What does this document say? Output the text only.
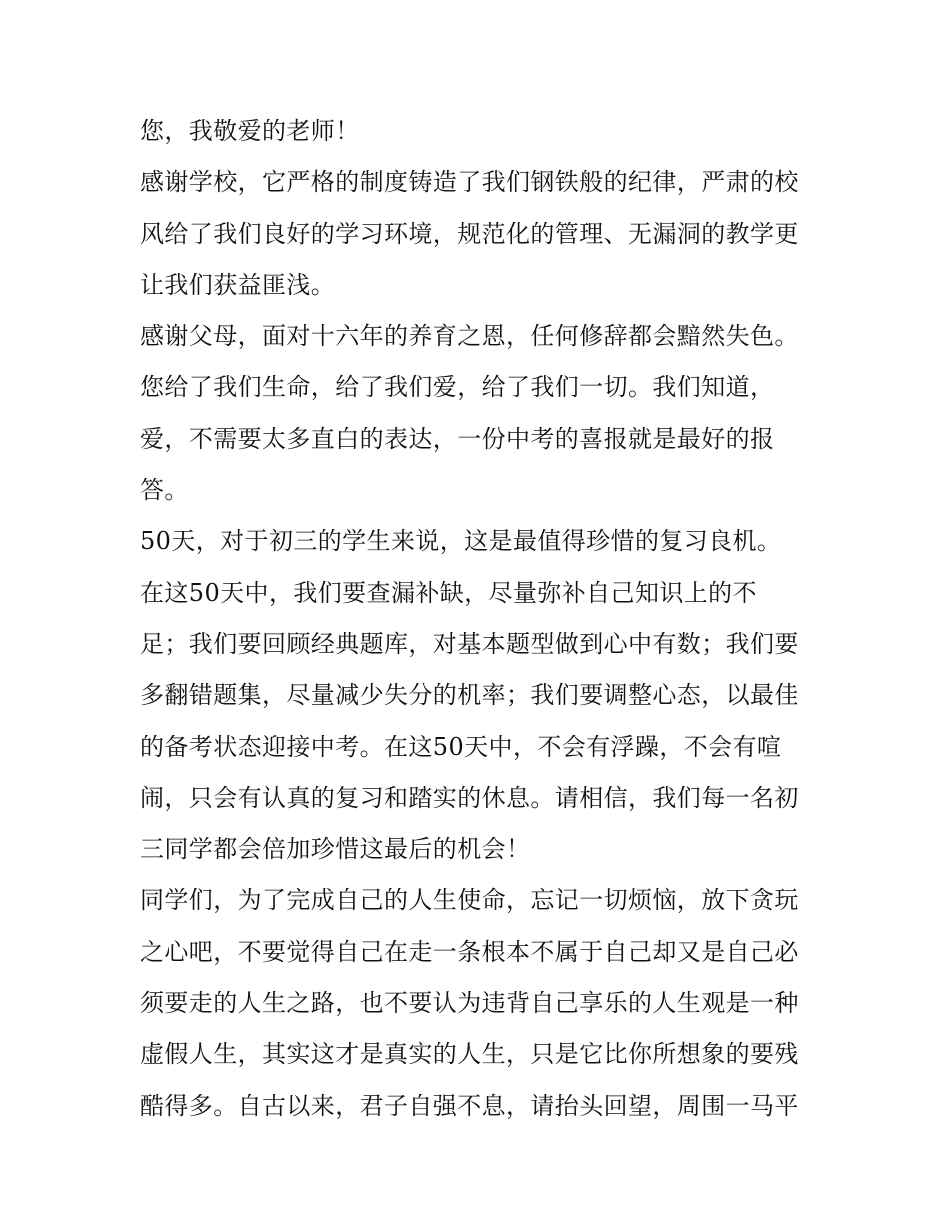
您，我敬爱的老师！
感谢学校，它严格的制度铸造了我们钢铁般的纪律，严肃的校
风给了我们良好的学习环境，规范化的管理、无漏洞的教学更
让我们获益匪浅。
感谢父母，面对十六年的养育之恩，任何修辞都会黯然失色。
您给了我们生命，给了我们爱，给了我们一切。我们知道，
爱，不需要太多直白的表达，一份中考的喜报就是最好的报
答。
50天，对于初三的学生来说，这是最值得珍惜的复习良机。
在这50天中，我们要查漏补缺，尽量弥补自己知识上的不
足；我们要回顾经典题库，对基本题型做到心中有数；我们要
多翻错题集，尽量减少失分的机率；我们要调整心态，以最佳
的备考状态迎接中考。在这50天中，不会有浮躁，不会有喧
闹，只会有认真的复习和踏实的休息。请相信，我们每一名初
三同学都会倍加珍惜这最后的机会！
同学们，为了完成自己的人生使命，忘记一切烦恼，放下贪玩
之心吧，不要觉得自己在走一条根本不属于自己却又是自己必
须要走的人生之路，也不要认为违背自己享乐的人生观是一种
虚假人生，其实这才是真实的人生，只是它比你所想象的要残
酷得多。自古以来，君子自强不息，请抬头回望，周围一马平
